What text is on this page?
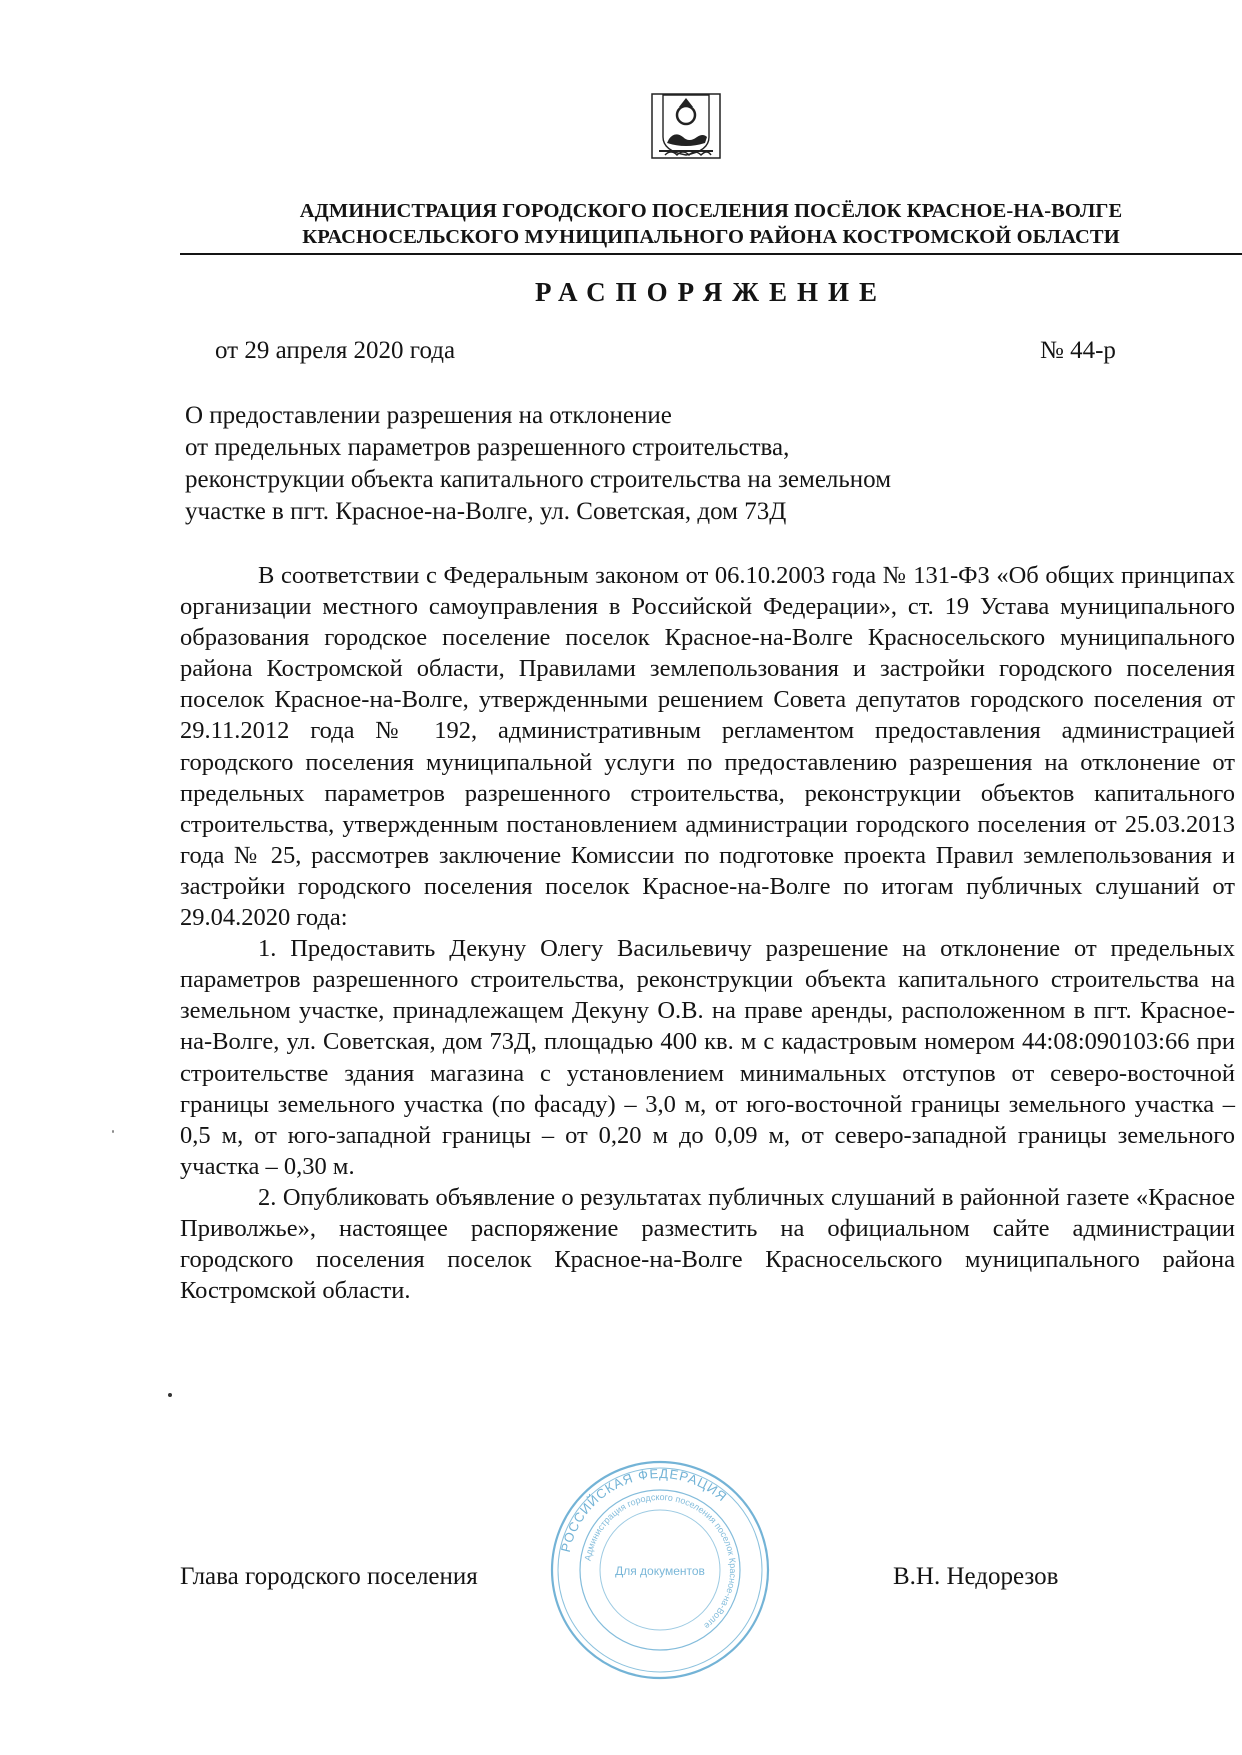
АДМИНИСТРАЦИЯ ГОРОДСКОГО ПОСЕЛЕНИЯ ПОСЁЛОК КРАСНОЕ-НА-ВОЛГЕ
КРАСНОСЕЛЬСКОГО МУНИЦИПАЛЬНОГО РАЙОНА КОСТРОМСКОЙ ОБЛАСТИ
РАСПОРЯЖЕНИЕ
от 29 апреля 2020 года	№ 44-р
О предоставлении разрешения на отклонение
от предельных параметров разрешенного строительства,
реконструкции объекта капитального строительства на земельном
участке в пгт. Красное-на-Волге, ул. Советская, дом 73Д

В соответствии с Федеральным законом от 06.10.2003 года № 131-ФЗ «Об общих принципах организации местного самоуправления в Российской Федерации», ст. 19 Устава муниципального образования городское поселение поселок Красное-на-Волге Красносельского муниципального района Костромской области, Правилами землепользования и застройки городского поселения поселок Красное-на-Волге, утвержденными решением Совета депутатов городского поселения от 29.11.2012 года № 192, административным регламентом предоставления администрацией городского поселения муниципальной услуги по предоставлению разрешения на отклонение от предельных параметров разрешенного строительства, реконструкции объектов капитального строительства, утвержденным постановлением администрации городского поселения от 25.03.2013 года № 25, рассмотрев заключение Комиссии по подготовке проекта Правил землепользования и застройки городского поселения поселок Красное-на-Волге по итогам публичных слушаний от 29.04.2020 года:

1. Предоставить Декуну Олегу Васильевичу разрешение на отклонение от предельных параметров разрешенного строительства, реконструкции объекта капитального строительства на земельном участке, принадлежащем Декуну О.В. на праве аренды, расположенном в пгт. Красное-на-Волге, ул. Советская, дом 73Д, площадью 400 кв. м с кадастровым номером 44:08:090103:66 при строительстве здания магазина с установлением минимальных отступов от северо-восточной границы земельного участка (по фасаду) – 3,0 м, от юго-восточной границы земельного участка – 0,5 м, от юго-западной границы – от 0,20 м до 0,09 м, от северо-западной границы земельного участка – 0,30 м.

2. Опубликовать объявление о результатах публичных слушаний в районной газете «Красное Приволжье», настоящее распоряжение разместить на официальном сайте администрации городского поселения поселок Красное-на-Волге Красносельского муниципального района Костромской области.

РОССИЙСКАЯ ФЕДЕРАЦИЯ
Администрация городского поселения поселок Красное-на-Волге
Для документов
Глава городского поселения	В.Н. Недорезов
